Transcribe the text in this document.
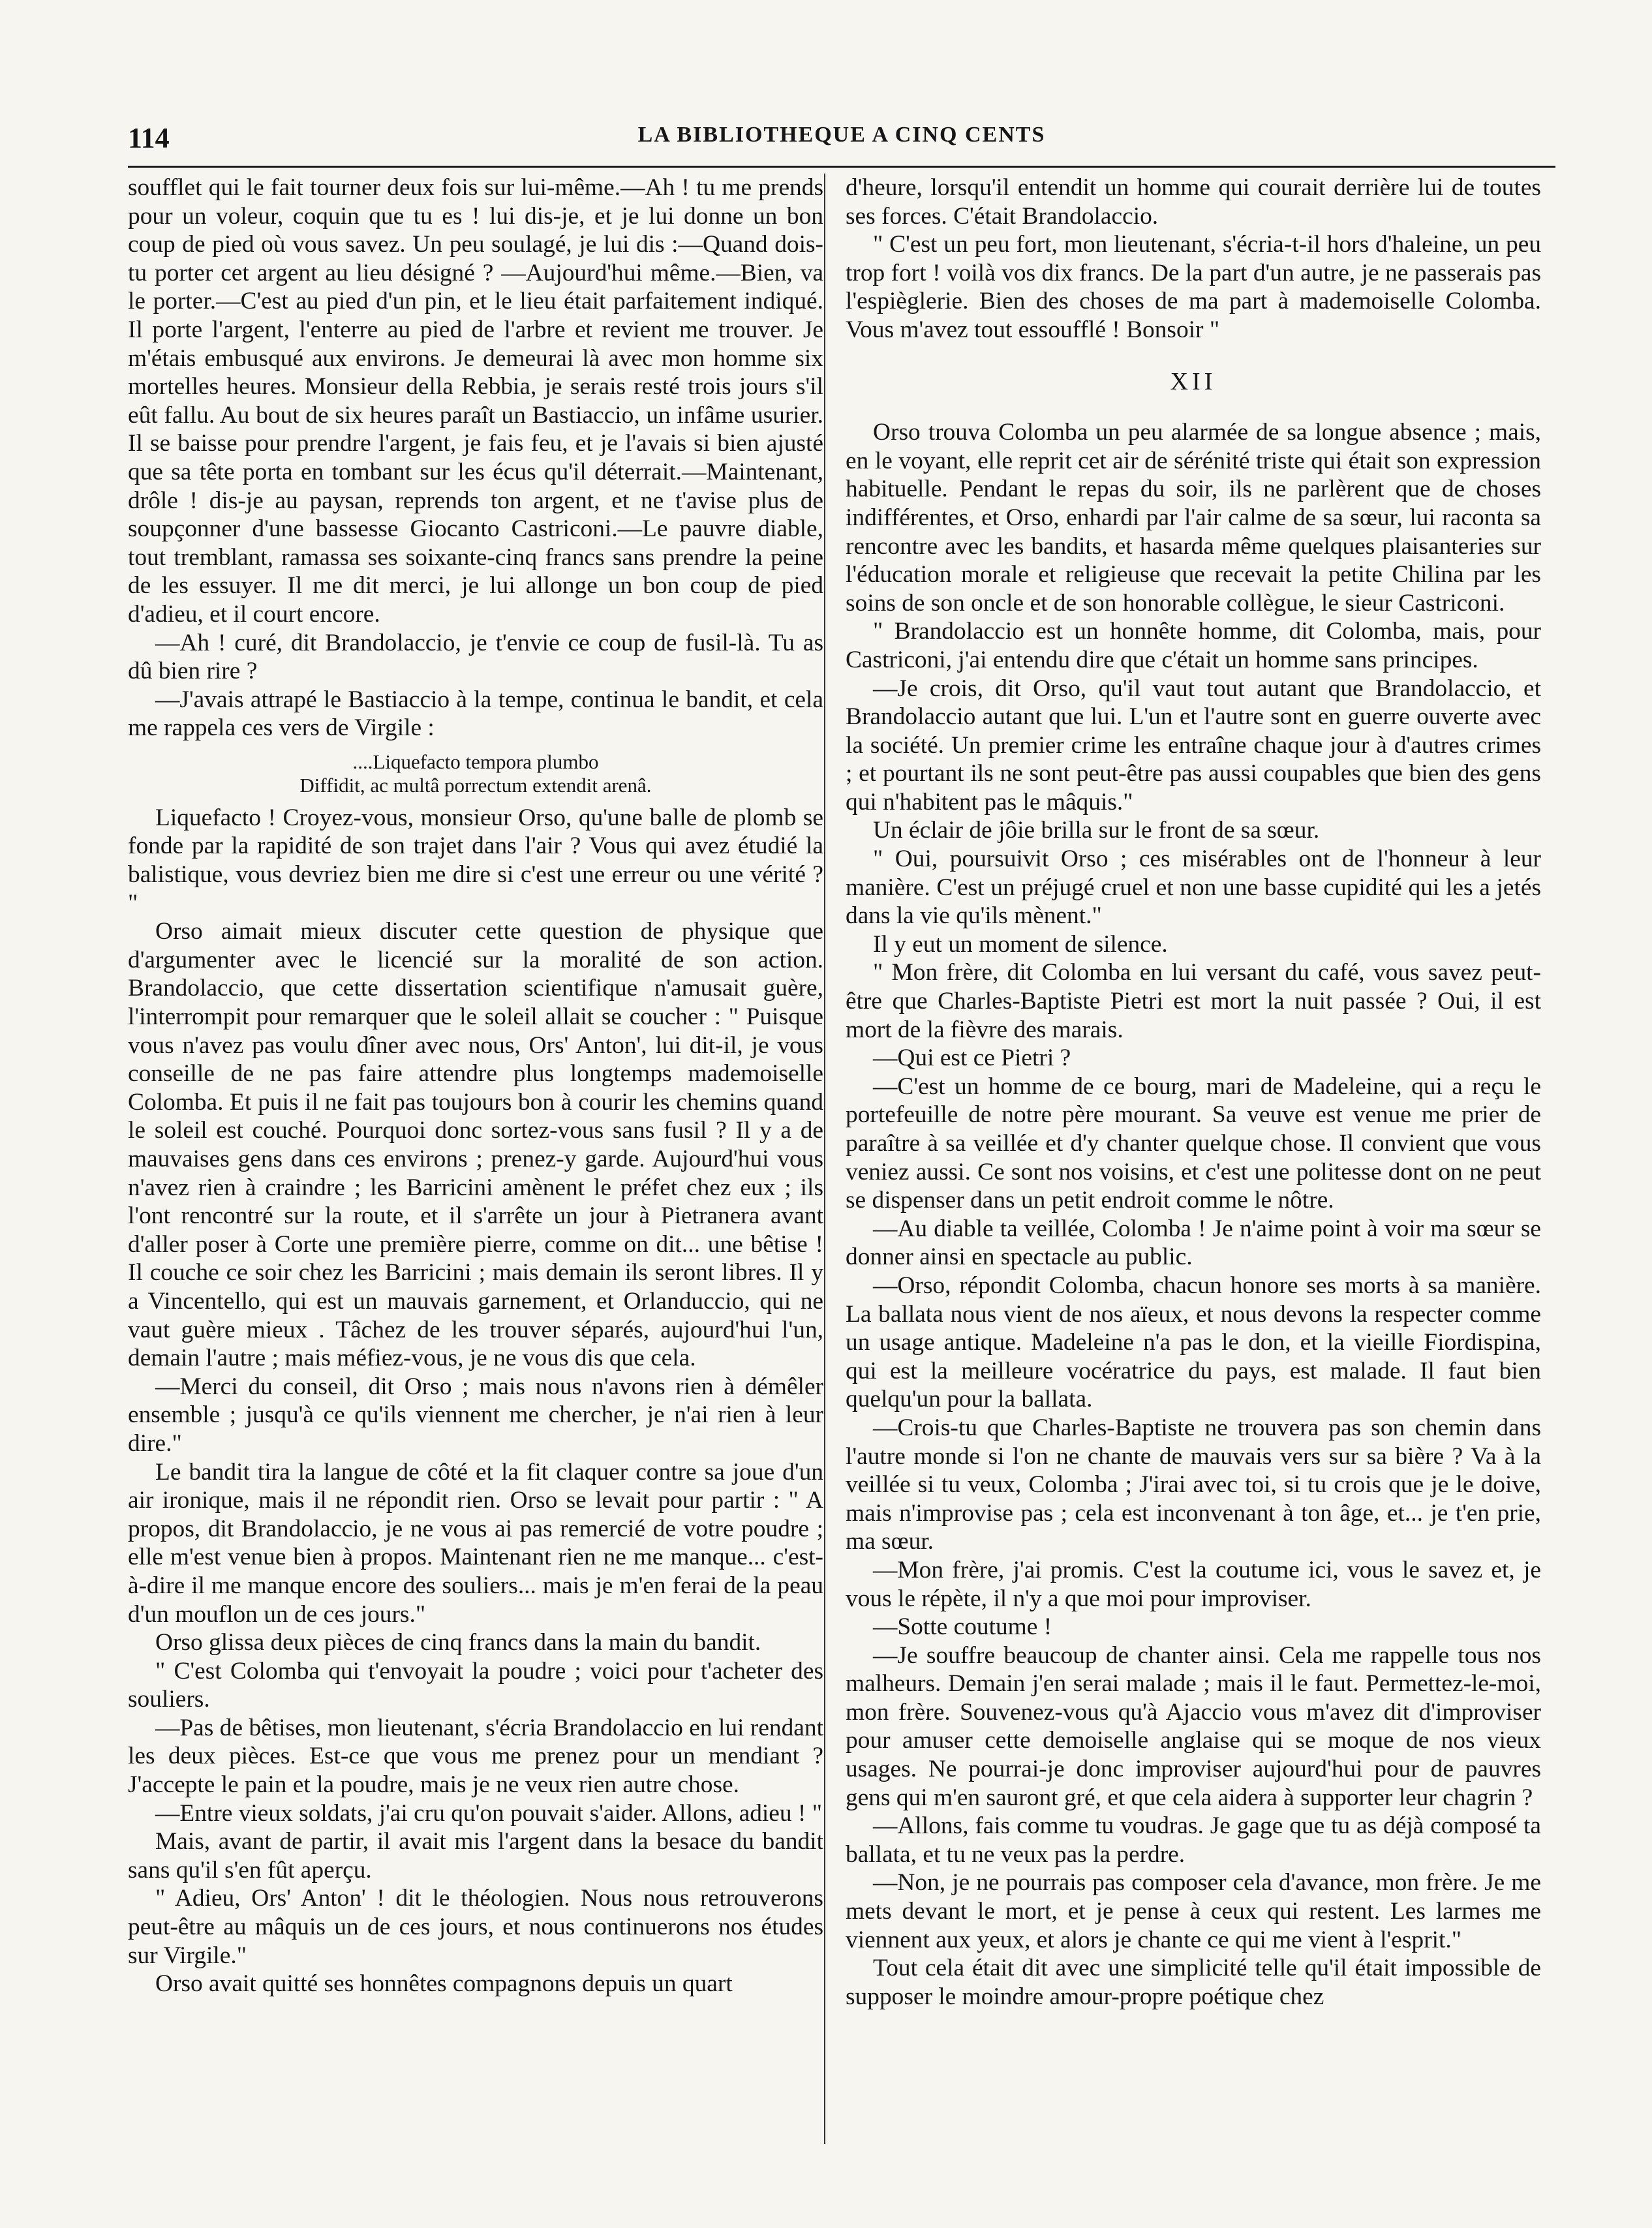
114	LA BIBLIOTHEQUE A CINQ CENTS

soufflet qui le fait tourner deux fois sur lui-même.—Ah ! tu me prends pour un voleur, coquin que tu es ! lui dis-je, et je lui donne un bon coup de pied où vous savez. Un peu soulagé, je lui dis :—Quand dois-tu porter cet argent au lieu désigné ? —Aujourd'hui même.—Bien, va le porter.—C'est au pied d'un pin, et le lieu était parfaitement indiqué. Il porte l'argent, l'enterre au pied de l'arbre et revient me trouver. Je m'étais embusqué aux environs. Je demeurai là avec mon homme six mortelles heures. Monsieur della Rebbia, je serais resté trois jours s'il eût fallu. Au bout de six heures paraît un Bastiaccio, un infâme usurier. Il se baisse pour prendre l'argent, je fais feu, et je l'avais si bien ajusté que sa tête porta en tombant sur les écus qu'il déterrait.—Maintenant, drôle ! dis-je au paysan, reprends ton argent, et ne t'avise plus de soupçonner d'une bassesse Giocanto Castriconi.—Le pauvre diable, tout tremblant, ramassa ses soixante-cinq francs sans prendre la peine de les essuyer. Il me dit merci, je lui allonge un bon coup de pied d'adieu, et il court encore.

—Ah ! curé, dit Brandolaccio, je t'envie ce coup de fusil-là. Tu as dû bien rire ?

—J'avais attrapé le Bastiaccio à la tempe, continua le bandit, et cela me rappela ces vers de Virgile :

....Liquefacto tempora plumbo
Diffidit, ac multâ porrectum extendit arenâ.

Liquefacto ! Croyez-vous, monsieur Orso, qu'une balle de plomb se fonde par la rapidité de son trajet dans l'air ? Vous qui avez étudié la balistique, vous devriez bien me dire si c'est une erreur ou une vérité ? "

Orso aimait mieux discuter cette question de physique que d'argumenter avec le licencié sur la moralité de son action. Brandolaccio, que cette dissertation scientifique n'amusait guère, l'interrompit pour remarquer que le soleil allait se coucher : " Puisque vous n'avez pas voulu dîner avec nous, Ors' Anton', lui dit-il, je vous conseille de ne pas faire attendre plus longtemps mademoiselle Colomba. Et puis il ne fait pas toujours bon à courir les chemins quand le soleil est couché. Pourquoi donc sortez-vous sans fusil ? Il y a de mauvaises gens dans ces environs ; prenez-y garde. Aujourd'hui vous n'avez rien à craindre ; les Barricini amènent le préfet chez eux ; ils l'ont rencontré sur la route, et il s'arrête un jour à Pietranera avant d'aller poser à Corte une première pierre, comme on dit... une bêtise ! Il couche ce soir chez les Barricini ; mais demain ils seront libres. Il y a Vincentello, qui est un mauvais garnement, et Orlanduccio, qui ne vaut guère mieux . Tâchez de les trouver séparés, aujourd'hui l'un, demain l'autre ; mais méfiez-vous, je ne vous dis que cela.

—Merci du conseil, dit Orso ; mais nous n'avons rien à démêler ensemble ; jusqu'à ce qu'ils viennent me chercher, je n'ai rien à leur dire."

Le bandit tira la langue de côté et la fit claquer contre sa joue d'un air ironique, mais il ne répondit rien. Orso se levait pour partir : " A propos, dit Brandolaccio, je ne vous ai pas remercié de votre poudre ; elle m'est venue bien à propos. Maintenant rien ne me manque... c'est-à-dire il me manque encore des souliers... mais je m'en ferai de la peau d'un mouflon un de ces jours."

Orso glissa deux pièces de cinq francs dans la main du bandit.

" C'est Colomba qui t'envoyait la poudre ; voici pour t'acheter des souliers.

—Pas de bêtises, mon lieutenant, s'écria Brandolaccio en lui rendant les deux pièces. Est-ce que vous me prenez pour un mendiant ? J'accepte le pain et la poudre, mais je ne veux rien autre chose.

—Entre vieux soldats, j'ai cru qu'on pouvait s'aider. Allons, adieu ! "

Mais, avant de partir, il avait mis l'argent dans la besace du bandit sans qu'il s'en fût aperçu.

" Adieu, Ors' Anton' ! dit le théologien. Nous nous retrouverons peut-être au mâquis un de ces jours, et nous continuerons nos études sur Virgile."

Orso avait quitté ses honnêtes compagnons depuis un quart

d'heure, lorsqu'il entendit un homme qui courait derrière lui de toutes ses forces. C'était Brandolaccio.

" C'est un peu fort, mon lieutenant, s'écria-t-il hors d'haleine, un peu trop fort ! voilà vos dix francs. De la part d'un autre, je ne passerais pas l'espièglerie. Bien des choses de ma part à mademoiselle Colomba. Vous m'avez tout essoufflé ! Bonsoir "

XII

Orso trouva Colomba un peu alarmée de sa longue absence ; mais, en le voyant, elle reprit cet air de sérénité triste qui était son expression habituelle. Pendant le repas du soir, ils ne parlèrent que de choses indifférentes, et Orso, enhardi par l'air calme de sa sœur, lui raconta sa rencontre avec les bandits, et hasarda même quelques plaisanteries sur l'éducation morale et religieuse que recevait la petite Chilina par les soins de son oncle et de son honorable collègue, le sieur Castriconi.

" Brandolaccio est un honnête homme, dit Colomba, mais, pour Castriconi, j'ai entendu dire que c'était un homme sans principes.

—Je crois, dit Orso, qu'il vaut tout autant que Brandolaccio, et Brandolaccio autant que lui. L'un et l'autre sont en guerre ouverte avec la société. Un premier crime les entraîne chaque jour à d'autres crimes ; et pourtant ils ne sont peut-être pas aussi coupables que bien des gens qui n'habitent pas le mâquis."

Un éclair de jôie brilla sur le front de sa sœur.

" Oui, poursuivit Orso ; ces misérables ont de l'honneur à leur manière. C'est un préjugé cruel et non une basse cupidité qui les a jetés dans la vie qu'ils mènent."

Il y eut un moment de silence.

" Mon frère, dit Colomba en lui versant du café, vous savez peut-être que Charles-Baptiste Pietri est mort la nuit passée ? Oui, il est mort de la fièvre des marais.

—Qui est ce Pietri ?

—C'est un homme de ce bourg, mari de Madeleine, qui a reçu le portefeuille de notre père mourant. Sa veuve est venue me prier de paraître à sa veillée et d'y chanter quelque chose. Il convient que vous veniez aussi. Ce sont nos voisins, et c'est une politesse dont on ne peut se dispenser dans un petit endroit comme le nôtre.

—Au diable ta veillée, Colomba ! Je n'aime point à voir ma sœur se donner ainsi en spectacle au public.

—Orso, répondit Colomba, chacun honore ses morts à sa manière. La ballata nous vient de nos aïeux, et nous devons la respecter comme un usage antique. Madeleine n'a pas le don, et la vieille Fiordispina, qui est la meilleure vocératrice du pays, est malade. Il faut bien quelqu'un pour la ballata.

—Crois-tu que Charles-Baptiste ne trouvera pas son chemin dans l'autre monde si l'on ne chante de mauvais vers sur sa bière ? Va à la veillée si tu veux, Colomba ; J'irai avec toi, si tu crois que je le doive, mais n'improvise pas ; cela est inconvenant à ton âge, et... je t'en prie, ma sœur.

—Mon frère, j'ai promis. C'est la coutume ici, vous le savez et, je vous le répète, il n'y a que moi pour improviser.

—Sotte coutume !

—Je souffre beaucoup de chanter ainsi. Cela me rappelle tous nos malheurs. Demain j'en serai malade ; mais il le faut. Permettez-le-moi, mon frère. Souvenez-vous qu'à Ajaccio vous m'avez dit d'improviser pour amuser cette demoiselle anglaise qui se moque de nos vieux usages. Ne pourrai-je donc improviser aujourd'hui pour de pauvres gens qui m'en sauront gré, et que cela aidera à supporter leur chagrin ?

—Allons, fais comme tu voudras. Je gage que tu as déjà composé ta ballata, et tu ne veux pas la perdre.

—Non, je ne pourrais pas composer cela d'avance, mon frère. Je me mets devant le mort, et je pense à ceux qui restent. Les larmes me viennent aux yeux, et alors je chante ce qui me vient à l'esprit."

Tout cela était dit avec une simplicité telle qu'il était impossible de supposer le moindre amour-propre poétique chez
